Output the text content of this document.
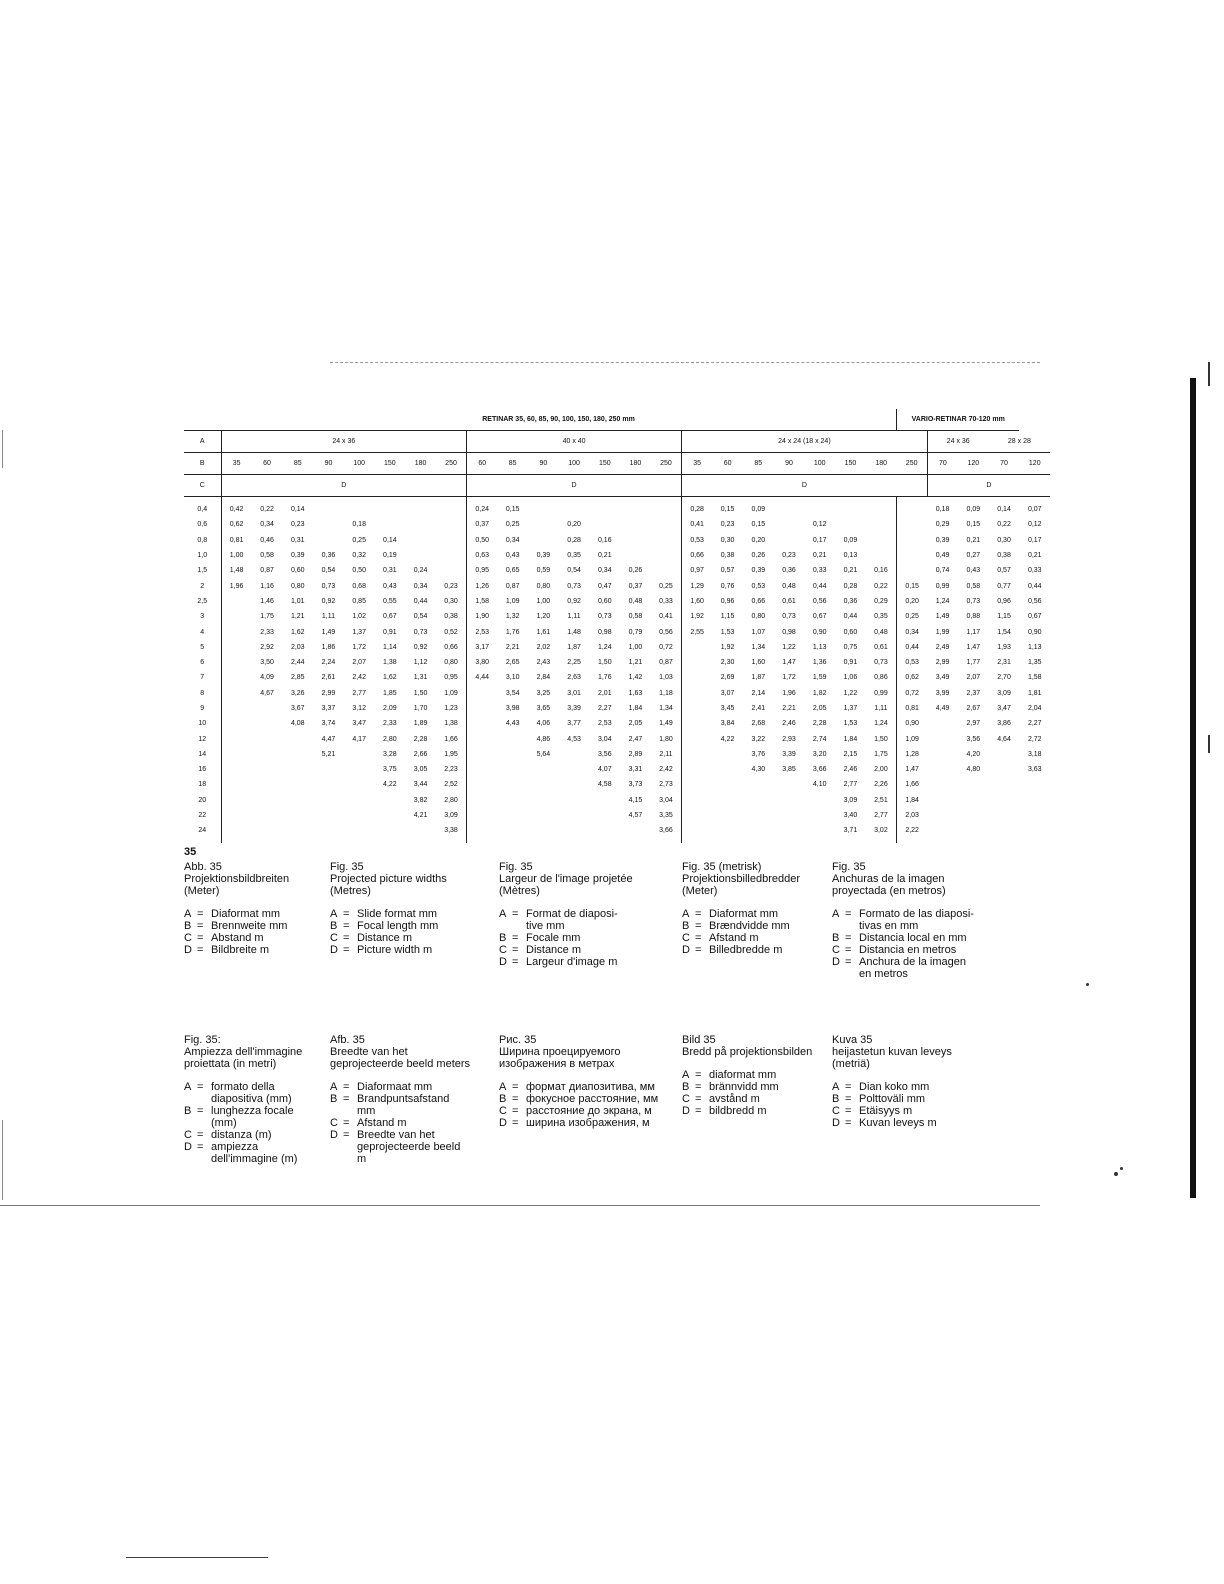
	RETINAR 35, 60, 85, 90, 100, 150, 180, 250 mm																						VARIO-RETINAR 70-120 mm				
A	24 x 36								40 x 40							24 x 24 (18 x 24)								24 x 36		28 x 28	
B	35	60	85	90	100	150	180	250	60	85	90	100	150	180	250	35	60	85	90	100	150	180	250	70	120	70	120
C	D								D							D								D			
0,4	0,42	0,22	0,14						0,24	0,15						0,28	0,15	0,09						0,18	0,09	0,14	0,07
0,6	0,62	0,34	0,23		0,18				0,37	0,25		0,20				0,41	0,23	0,15		0,12				0,29	0,15	0,22	0,12
0,8	0,81	0,46	0,31		0,25	0,14			0,50	0,34		0,28	0,16			0,53	0,30	0,20		0,17	0,09			0,39	0,21	0,30	0,17
1,0	1,00	0,58	0,39	0,36	0,32	0,19			0,63	0,43	0,39	0,35	0,21			0,66	0,38	0,26	0,23	0,21	0,13			0,49	0,27	0,38	0,21
1,5	1,48	0,87	0,60	0,54	0,50	0,31	0,24		0,95	0,65	0,59	0,54	0,34	0,26		0,97	0,57	0,39	0,36	0,33	0,21	0,16		0,74	0,43	0,57	0,33
2	1,96	1,16	0,80	0,73	0,68	0,43	0,34	0,23	1,26	0,87	0,80	0,73	0,47	0,37	0,25	1,29	0,76	0,53	0,48	0,44	0,28	0,22	0,15	0,99	0,58	0,77	0,44
2,5		1,46	1,01	0,92	0,85	0,55	0,44	0,30	1,58	1,09	1,00	0,92	0,60	0,48	0,33	1,60	0,96	0,66	0,61	0,56	0,36	0,29	0,20	1,24	0,73	0,96	0,56
3		1,75	1,21	1,11	1,02	0,67	0,54	0,38	1,90	1,32	1,20	1,11	0,73	0,58	0,41	1,92	1,15	0,80	0,73	0,67	0,44	0,35	0,25	1,49	0,88	1,15	0,67
4		2,33	1,62	1,49	1,37	0,91	0,73	0,52	2,53	1,76	1,61	1,48	0,98	0,79	0,56	2,55	1,53	1,07	0,98	0,90	0,60	0,48	0,34	1,99	1,17	1,54	0,90
5		2,92	2,03	1,86	1,72	1,14	0,92	0,66	3,17	2,21	2,02	1,87	1,24	1,00	0,72		1,92	1,34	1,22	1,13	0,75	0,61	0,44	2,49	1,47	1,93	1,13
6		3,50	2,44	2,24	2,07	1,38	1,12	0,80	3,80	2,65	2,43	2,25	1,50	1,21	0,87		2,30	1,60	1,47	1,36	0,91	0,73	0,53	2,99	1,77	2,31	1,35
7		4,09	2,85	2,61	2,42	1,62	1,31	0,95	4,44	3,10	2,84	2,63	1,76	1,42	1,03		2,69	1,87	1,72	1,59	1,06	0,86	0,62	3,49	2,07	2,70	1,58
8		4,67	3,26	2,99	2,77	1,85	1,50	1,09		3,54	3,25	3,01	2,01	1,63	1,18		3,07	2,14	1,96	1,82	1,22	0,99	0,72	3,99	2,37	3,09	1,81
9			3,67	3,37	3,12	2,09	1,70	1,23		3,98	3,65	3,39	2,27	1,84	1,34		3,45	2,41	2,21	2,05	1,37	1,11	0,81	4,49	2,67	3,47	2,04
10			4,08	3,74	3,47	2,33	1,89	1,38		4,43	4,06	3,77	2,53	2,05	1,49		3,84	2,68	2,46	2,28	1,53	1,24	0,90		2,97	3,86	2,27
12				4,47	4,17	2,80	2,28	1,66			4,86	4,53	3,04	2,47	1,80		4,22	3,22	2,93	2,74	1,84	1,50	1,09		3,56	4,64	2,72
14				5,21		3,28	2,66	1,95			5,64		3,56	2,89	2,11			3,76	3,39	3,20	2,15	1,75	1,28		4,20		3,18
16						3,75	3,05	2,23					4,07	3,31	2,42			4,30	3,85	3,66	2,46	2,00	1,47		4,80		3,63
18						4,22	3,44	2,52					4,58	3,73	2,73					4,10	2,77	2,26	1,66				
20							3,82	2,80						4,15	3,04						3,09	2,51	1,84				
22							4,21	3,09						4,57	3,35						3,40	2,77	2,03				
24								3,38							3,66						3,71	3,02	2,22				
35
Abb. 35
Projektionsbildbreiten
(Meter)
A = Diaformat mm
B = Brennweite mm
C = Abstand m
D = Bildbreite m
Fig. 35
Projected picture widths
(Metres)
A = Slide format mm
B = Focal length mm
C = Distance m
D = Picture width m
Fig. 35
Largeur de l'image projetée
(Mètres)
A = Format de diaposi-
tive mm
B = Focale mm
C = Distance m
D = Largeur d'image m
Fig. 35 (metrisk)
Projektionsbilledbredder
(Meter)
A = Diaformat mm
B = Brændvidde mm
C = Afstand m
D = Billedbredde m
Fig. 35
Anchuras de la imagen
proyectada (en metros)
A = Formato de las diaposi-
tivas en mm
B = Distancia local en mm
C = Distancia en metros
D = Anchura de la imagen
en metros
Fig. 35:
Ampiezza dell'immagine
proiettata (in metri)
A = formato della
diapositiva (mm)
B = lunghezza focale
(mm)
C = distanza (m)
D = ampiezza
dell'immagine (m)
Afb. 35
Breedte van het
geprojecteerde beeld meters
A = Diaformaat mm
B = Brandpuntsafstand
mm
C = Afstand m
D = Breedte van het
geprojecteerde beeld
m
Рис. 35
Ширина проецируемого
изображения в метрах
A = формат диапозитива, мм
B = фокусное расстояние, мм
C = расстояние до экрана, м
D = ширина изображения, м
Bild 35
Bredd på projektionsbilden
A = diaformat mm
B = brännvidd mm
C = avstånd m
D = bildbredd m
Kuva 35
heijastetun kuvan leveys
(metriä)
A = Dian koko mm
B = Polttoväli mm
C = Etäisyys m
D = Kuvan leveys m
